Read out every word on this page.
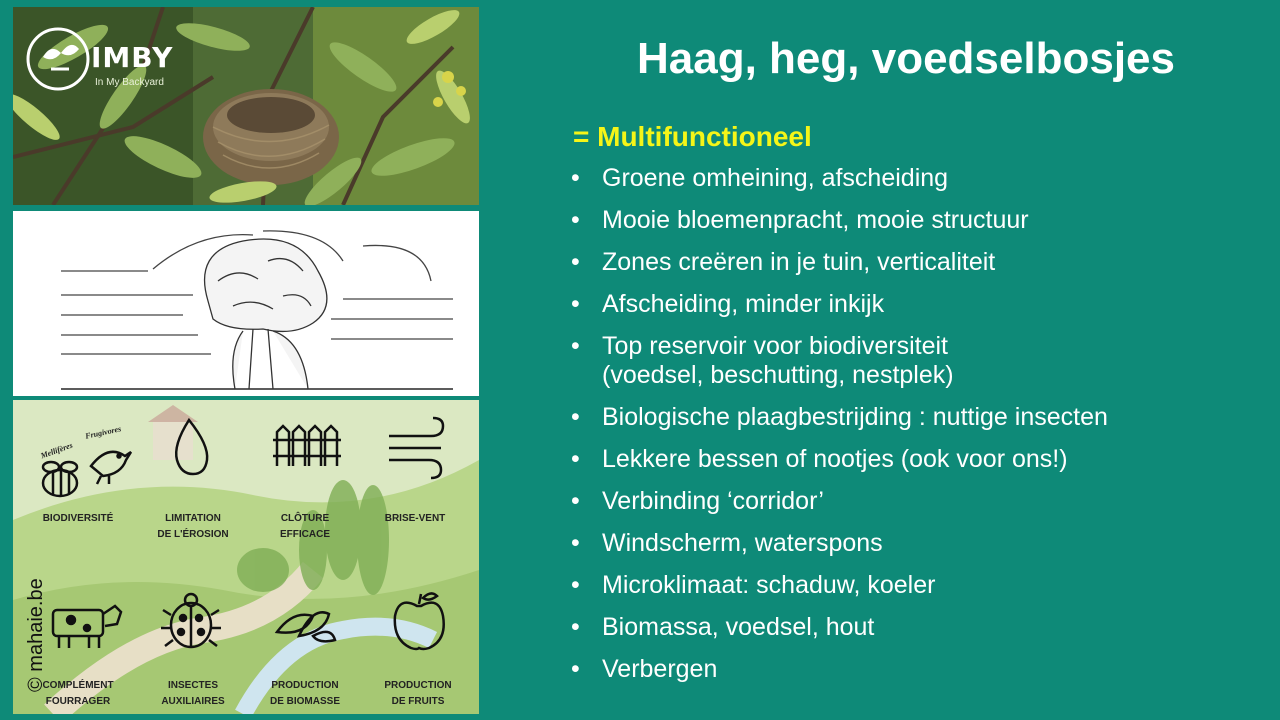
IMBY
In My Backyard
Mellifères
Frugivores
BIODIVERSITÉ	LIMITATION
DE L'ÉROSION
CLÔTURE
EFFICACE
BRISE-VENT
COMPLÉMENT
FOURRAGER
INSECTES
AUXILIAIRES
PRODUCTION
DE BIOMASSE
PRODUCTION
DE FRUITS
© mahaie.be
Haag, heg, voedselbosjes
= Multifunctioneel
• Groene omheining, afscheiding
• Mooie bloemenpracht, mooie structuur
• Zones creëren in je tuin, verticaliteit
• Afscheiding, minder inkijk
• Top reservoir voor biodiversiteit
(voedsel, beschutting, nestplek)
• Biologische plaagbestrijding : nuttige insecten
• Lekkere bessen of nootjes (ook voor ons!)
• Verbinding ‘corridor’
• Windscherm, waterspons
• Microklimaat: schaduw, koeler
• Biomassa, voedsel, hout
• Verbergen
